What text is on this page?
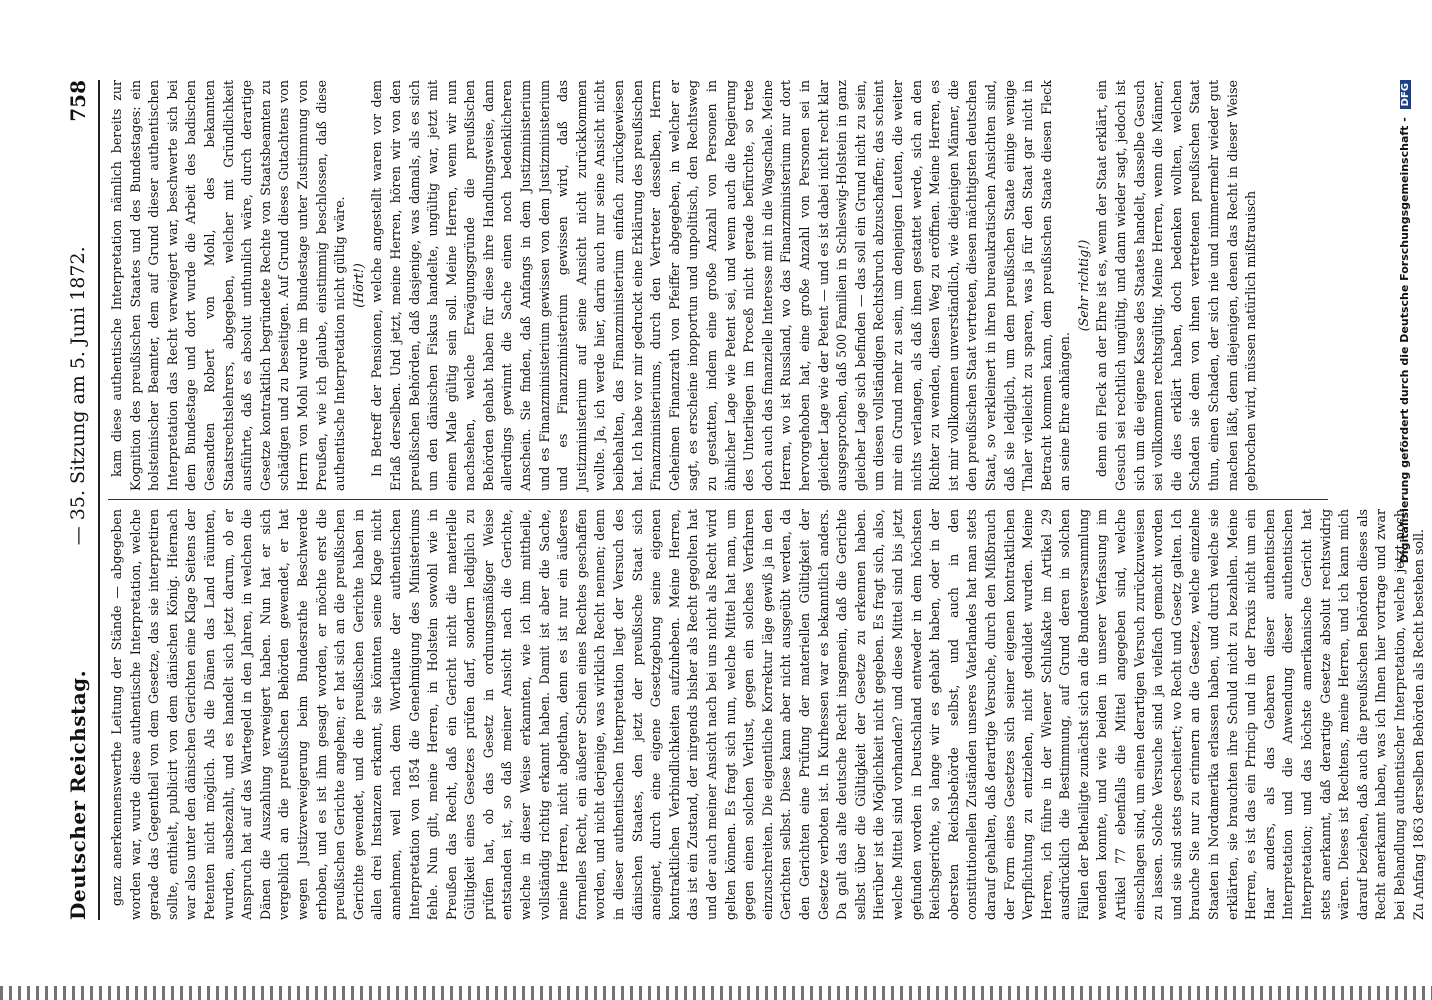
Deutscher Reichstag.
— 35. Sitzung am 5. Juni 1872.
758

ganz anerkennenswerthe Leitung der Stände — abgegeben worden war, wurde diese authentische Interpretation, welche gerade das Gegentheil von dem Gesetze, das sie interpretiren sollte, enthielt, publicirt von dem dänischen König. Hiernach war also unter den dänischen Gerichten eine Klage Seitens der Petenten nicht möglich. Als die Dänen das Land räumten, wurden, ausbezahlt, und es handelt sich jetzt darum, ob er Anspruch hat auf das Wartegeld in den Jahren, in welchen die Dänen die Auszahlung verweigert haben. Nun hat er sich vergeblich an die preußischen Behörden gewendet, er hat wegen Justizverweigerung beim Bundesrathe Beschwerde erhoben, und es ist ihm gesagt worden, er möchte erst die preußischen Gerichte angehen; er hat sich an die preußischen Gerichte gewendet, und die preußischen Gerichte haben in allen drei Instanzen erkannt, sie könnten seine Klage nicht annehmen, weil nach dem Wortlaute der authentischen Interpretation von 1854 die Genehmigung des Ministeriums fehle. Nun gilt, meine Herren, in Holstein sowohl wie in Preußen das Recht, daß ein Gericht nicht die materielle Gültigkeit eines Gesetzes prüfen darf, sondern lediglich zu prüfen hat, ob das Gesetz in ordnungsmäßiger Weise entstanden ist, so daß meiner Ansicht nach die Gerichte, welche in dieser Weise erkannten, wie ich ihm mittheile, vollständig richtig erkannt haben. Damit ist aber die Sache, meine Herren, nicht abgethan, denn es ist nur ein äußeres formelles Recht, ein äußerer Schein eines Rechtes geschaffen worden, und nicht derjenige, was wirklich Recht nennen; denn in dieser authentischen Interpretation liegt der Versuch des dänischen Staates, den jetzt der preußische Staat sich aneignet, durch eine eigene Gesetzgebung seine eigenen kontraktlichen Verbindlichkeiten aufzuheben. Meine Herren, das ist ein Zustand, der nirgends bisher als Recht gegolten hat und der auch meiner Ansicht nach bei uns nicht als Recht wird gelten können. Es fragt sich nun, welche Mittel hat man, um gegen einen solchen Verlust, gegen ein solches Verfahren einzuschreiten. Die eigentliche Korrektur läge gewiß ja in den Gerichten selbst. Diese kann aber nicht ausgeübt werden, da den Gerichten eine Prüfung der materiellen Gültigkeit der Gesetze verboten ist. In Kurhessen war es bekanntlich anders. Da galt das alte deutsche Recht insgemein, daß die Gerichte selbst über die Gültigkeit der Gesetze zu erkennen haben. Hierüber ist die Möglichkeit nicht gegeben. Es fragt sich, also, welche Mittel sind vorhanden? und diese Mittel sind bis jetzt gefunden worden in Deutschland entweder in dem höchsten Reichsgerichte, so lange wir es gehabt haben, oder in der obersten Reichsbehörde selbst, und auch in den constitutionellen Zuständen unseres Vaterlandes hat man stets darauf gehalten, daß derartige Versuche, durch den Mißbrauch der Form eines Gesetzes sich seiner eigenen kontraktlichen Verpflichtung zu entziehen, nicht geduldet wurden. Meine Herren, ich führe in der Wiener Schlußakte im Artikel 29 ausdrücklich die Bestimmung, auf Grund deren in solchen Fällen der Betheiligte zunächst sich an die Bundesversammlung wenden konnte, und wie beiden in unserer Verfassung im Artikel 77 ebenfalls die Mittel angegeben sind, welche einschlagen sind, um einen derartigen Versuch zurückzuweisen zu lassen. Solche Versuche sind ja vielfach gemacht worden und sie sind stets gescheitert; wo Recht und Gesetz galten. Ich brauche Sie nur zu erinnern an die Gesetze, welche einzelne Staaten in Nordamerika erlassen haben, und durch welche sie erklärten, sie brauchten ihre Schuld nicht zu bezahlen. Meine Herren, es ist das ein Princip und in der Praxis nicht um ein Haar anders, als das Gebaren dieser authentischen Interpretation und die Anwendung dieser authentischen Interpretation; und das höchste amerikanische Gericht hat stets anerkannt, daß derartige Gesetze absolut rechtswidrig wären. Dieses ist Rechtens, meine Herren, und ich kann mich darauf beziehen, daß auch die preußischen Behörden dieses als Recht anerkannt haben, was ich Ihnen hier vortrage und zwar bei Behandlung authentischer Interpretation, welche jetzt noch Zu Anfang 1863 derselben Behörden als Recht bestehen soll.

kam diese authentische Interpretation nämlich bereits zur Kognition des preußischen Staates und des Bundestages: ein holsteinischer Beamter, dem auf Grund dieser authentischen Interpretation das Recht verweigert war, beschwerte sich bei dem Bundestage und dort wurde die Arbeit des badischen Gesandten Robert von Mohl, des bekannten Staatsrechtslehrers, abgegeben, welcher mit Gründlichkeit ausführte, daß es absolut unthunlich wäre, durch derartige Gesetze kontraktlich begründete Rechte von Staatsbeamten zu schädigen und zu beseitigen. Auf Grund dieses Gutachtens von Herrn von Mohl wurde im Bundestage unter Zustimmung von Preußen, wie ich glaube, einstimmig beschlossen, daß diese authentische Interpretation nicht gültig wäre. (Hört!) In Betreff der Pensionen, welche angestellt waren vor dem Erlaß derselben. Und jetzt, meine Herren, hören wir von den preußischen Behörden, daß dasjenige, was damals, als es sich um den dänischen Fiskus handelte, ungültig war, jetzt mit einem Male gültig sein soll. Meine Herren, wenn wir nun nachsehen, welche Erwägungsgründe die preußischen Behörden gehabt haben für diese ihre Handlungsweise, dann allerdings gewinnt die Sache einen noch bedenklicheren Anschein. Sie finden, daß Anfangs in dem Justizministerium und es Finanzministerium gewissen von dem Justizministerium und es Finanzministerium gewissen wird, daß das Justizministerium auf seine Ansicht nicht zurückkommen wollte. Ja, ich werde hier, darin auch nur seine Ansicht nicht beibehalten, das Finanzministerium einfach zurückgewiesen hat. Ich habe vor mir gedruckt eine Erklärung des preußischen Finanzministeriums, durch den Vertreter desselben, Herrn Geheimen Finanzrath von Pfeiffer abgegeben, in welcher er sagt, es erscheine inopportun und unpolitisch, den Rechtsweg zu gestatten, indem eine große Anzahl von Personen in ähnlicher Lage wie Petent sei, und wenn auch die Regierung des Unterliegen im Proceß nicht gerade befürchte, so trete doch auch das finanzielle Interesse mit in die Wagschale. Meine Herren, wo ist Russland, wo das Finanzministerium nur dort hervorgehoben hat, eine große Anzahl von Personen sei in gleicher Lage wie der Petent — und es ist dabei nicht recht klar ausgesprochen, daß 500 Familien in Schleswig-Holstein in ganz gleicher Lage sich befinden — das soll ein Grund nicht zu sein, um diesen vollständigen Rechtsbruch abzuschaffen; das scheint mir ein Grund mehr zu sein, um denjenigen Leuten, die weiter nichts verlangen, als daß ihnen gestattet werde, sich an den Richter zu wenden, diesen Weg zu eröffnen. Meine Herren, es ist mir vollkommen unverständlich, wie diejenigen Männer, die den preußischen Staat vertreten, diesen mächtigsten deutschen Staat, so verkleinert in ihren bureaukratischen Ansichten sind, daß sie lediglich, um dem preußischen Staate einige wenige Thaler vielleicht zu sparen, was ja für den Staat gar nicht in Betracht kommen kann, dem preußischen Staate diesen Fleck an seine Ehre anhängen.

(Sehr richtig!) denn ein Fleck an der Ehre ist es, wenn der Staat erklärt, ein Gesuch sei rechtlich ungültig, und dann wieder sagt, jedoch ist sich um die eigene Kasse des Staates handelt, dasselbe Gesuch sei vollkommen rechtsgültig. Meine Herren, wenn die Männer, die dies erklärt haben, doch bedenken wollten, welchen Schaden sie dem von ihnen vertretenen preußischen Staat thun, einen Schaden, der sich nie und nimmermehr wieder gut machen läßt, denn diejenigen, denen das Recht in dieser Weise gebrochen wird, müssen natürlich mißtrauisch	Digitalisierung gefördert durch die Deutsche Forschungsgemeinschaft - DFG
